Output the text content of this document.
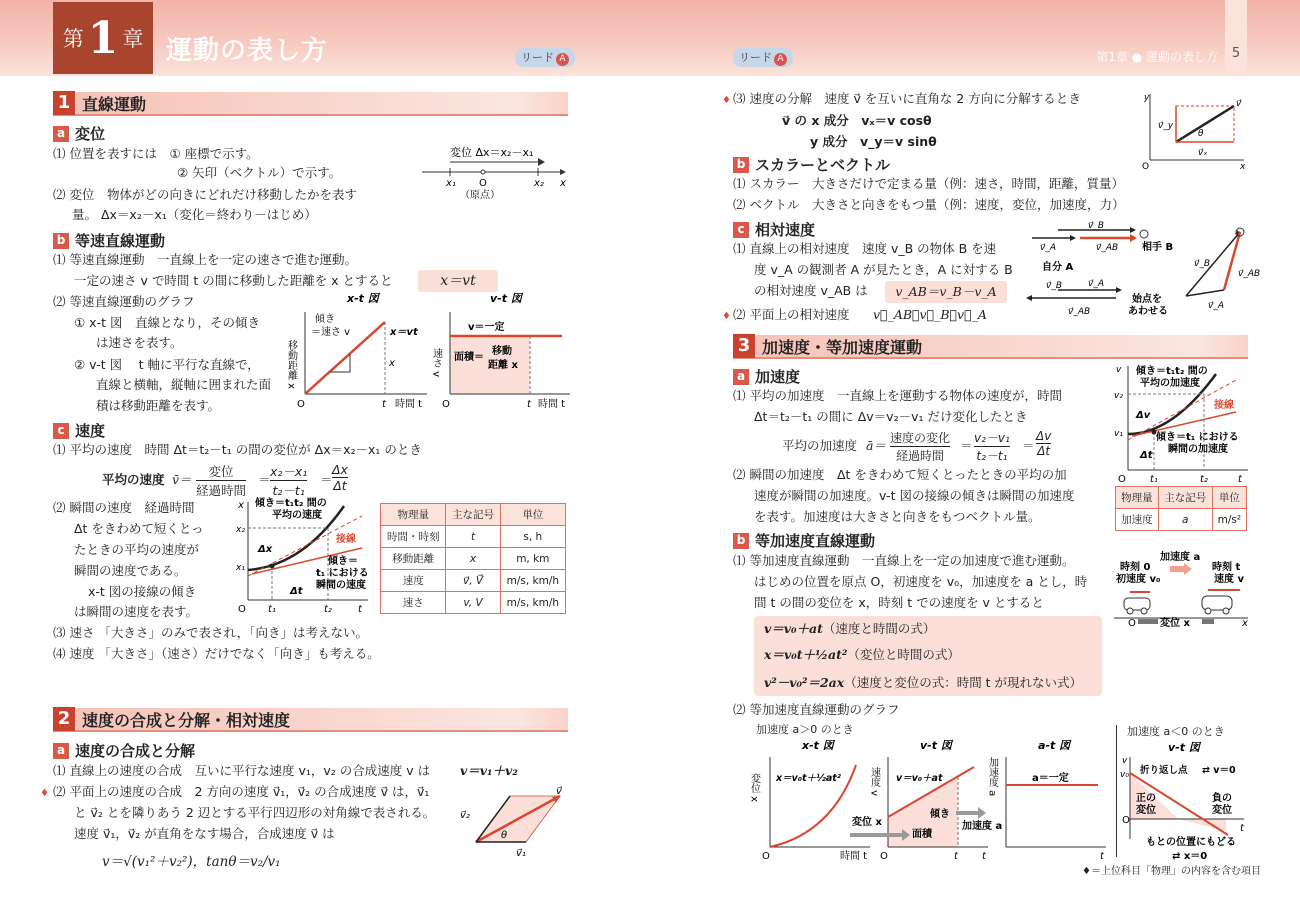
第 1 章 運動の表し方	リード A	リード A	第1章 ● 運動の表し方	5
1 直線運動
a 変位
⑴ 位置を表すには　① 座標で示す。
② 矢印（ベクトル）で示す。
⑵ 変位　物体がどの向きにどれだけ移動したかを表す
量。 Δx＝x₂－x₁（変化＝終わり－はじめ）
変位 Δx＝x₂－x₁
x₁ O	x₂ x
（原点）
b 等速直線運動
⑴ 等速直線運動　一直線上を一定の速さで進む運動。
一定の速さ v で時間 t の間に移動した距離を x とすると	x＝vt
⑵ 等速直線運動のグラフ
① x-t 図　直線となり，その傾き
は速さを表す。
② v-t 図　 t 軸に平行な直線で，
直線と横軸，縦軸に囲まれた面
積は移動距離を表す。
x-t 図
傾き
＝速さ v	x＝vt
x
移動距離 x
O	t 時間 t
v-t 図
v＝一定
面積＝
移動
距離 x
速さ v
O	t 時間 t
c 速度
⑴ 平均の速度　時間 Δt＝t₂－t₁ の間の変位が Δx＝x₂－x₁ のとき
平均の速度 v̄＝
変位
経過時間
＝
x₂－x₁
t₂－t₁
＝
Δx
Δt
⑵ 瞬間の速度　経過時間
Δt をきわめて短くとっ
たときの平均の速度が
瞬間の速度である。
x-t 図の接線の傾き
は瞬間の速度を表す。
傾き＝t₁t₂ 間の
平均の速度
接線
傾き＝
t₁ における
瞬間の速度
Δx
Δt
x₂
x₁
x
O t₁	t₂	t
物理量	主な記号	単位
時間・時刻	t	s, h
移動距離	x	m, km
速度	v⃗, V⃗	m/s, km/h
速さ	v, V	m/s, km/h
⑶ 速さ 「大きさ」のみで表され，「向き」は考えない。
⑷ 速度 「大きさ」（速さ）だけでなく「向き」も考える。
2 速度の合成と分解・相対速度
a 速度の合成と分解
⑴ 直線上の速度の合成　互いに平行な速度 v₁，v₂ の合成速度 v は v＝v₁＋v₂
♦ ⑵ 平面上の速度の合成　2 方向の速度 v⃗₁，v⃗₂ の合成速度 v⃗ は，v⃗₁
と v⃗₂ とを隣りあう 2 辺とする平行四辺形の対角線で表される。
速度 v⃗₁，v⃗₂ が直角をなす場合，合成速度 v⃗ は
v＝√(v₁²＋v₂²)，tanθ＝v₂/v₁
v⃗
v⃗₁
v⃗₂
θ
♦ ⑶ 速度の分解　速度 v⃗ を互いに直角な 2 方向に分解するとき
v⃗ の x 成分　vₓ＝v cosθ
y 成分　v_y＝v sinθ
y
x
O
v⃗
v⃗ₓ
v⃗_y
θ
b スカラーとベクトル
⑴ スカラー　大きさだけで定まる量（例：速さ，時間，距離，質量）
⑵ ベクトル　大きさと向きをもつ量（例：速度，変位，加速度，力）
c 相対速度
⑴ 直線上の相対速度　速度 v_B の物体 B を速
度 v_A の観測者 A が見たとき，A に対する B
の相対速度 v_AB は	v_AB＝v_B－v_A
♦ ⑵ 平面上の相対速度 v⃗_AB＝v⃗_B－v⃗_A
v⃗_B
v⃗_A	v⃗_AB 相手 B
自分 A
v⃗_B	v⃗_A
v⃗_AB
v⃗_B
v⃗_AB
v⃗_A
始点を
あわせる
3 加速度・等加速度運動
a 加速度
⑴ 平均の加速度　一直線上を運動する物体の速度が，時間
Δt＝t₂－t₁ の間に Δv＝v₂－v₁ だけ変化したとき
平均の加速度 ā＝ 速度の変化
経過時間
＝ v₂－v₁
t₂－t₁
＝
Δv
Δt
⑵ 瞬間の加速度　Δt をきわめて短くとったときの平均の加
速度が瞬間の加速度。v-t 図の接線の傾きは瞬間の加速度
を表す。加速度は大きさと向きをもつベクトル量。
傾き＝t₁t₂ 間の
平均の加速度
接線
傾き＝t₁ における
瞬間の加速度
Δv
Δt
v
v₂
v₁
O t₁	t₂	t
物理量	主な記号	単位
加速度	a	m/s²
b 等加速度直線運動
⑴ 等加速度直線運動　一直線上を一定の加速度で進む運動。
はじめの位置を原点 O，初速度を v₀，加速度を a とし，時
間 t の間の変位を x，時刻 t での速度を v とすると
v＝v₀＋at（速度と時間の式）
x＝v₀t＋½at²（変位と時間の式）
v²－v₀²＝2ax（速度と変位の式：時間 t が現れない式）
時刻 0
初速度 v₀
加速度 a
時刻 t
速度 v
O 変位 x	x
⑵ 等加速度直線運動のグラフ
加速度 a＞0 のとき
x-t 図
変位 x x＝v₀t＋½at²
O	時間 t
v-t 図
速度 v v＝v₀＋at
傾き
変位 x
面積
加速度 a
O	t t
a-t 図
加速度 a	a＝一定
t
加速度 a＜0 のとき
v-t 図
v
v₀ 折り返し点 ⇄ v＝0
正の
変位
負の
変位
t
O
もとの位置にもどる
⇄ x＝0
♦＝上位科目「物理」の内容を含む項目
